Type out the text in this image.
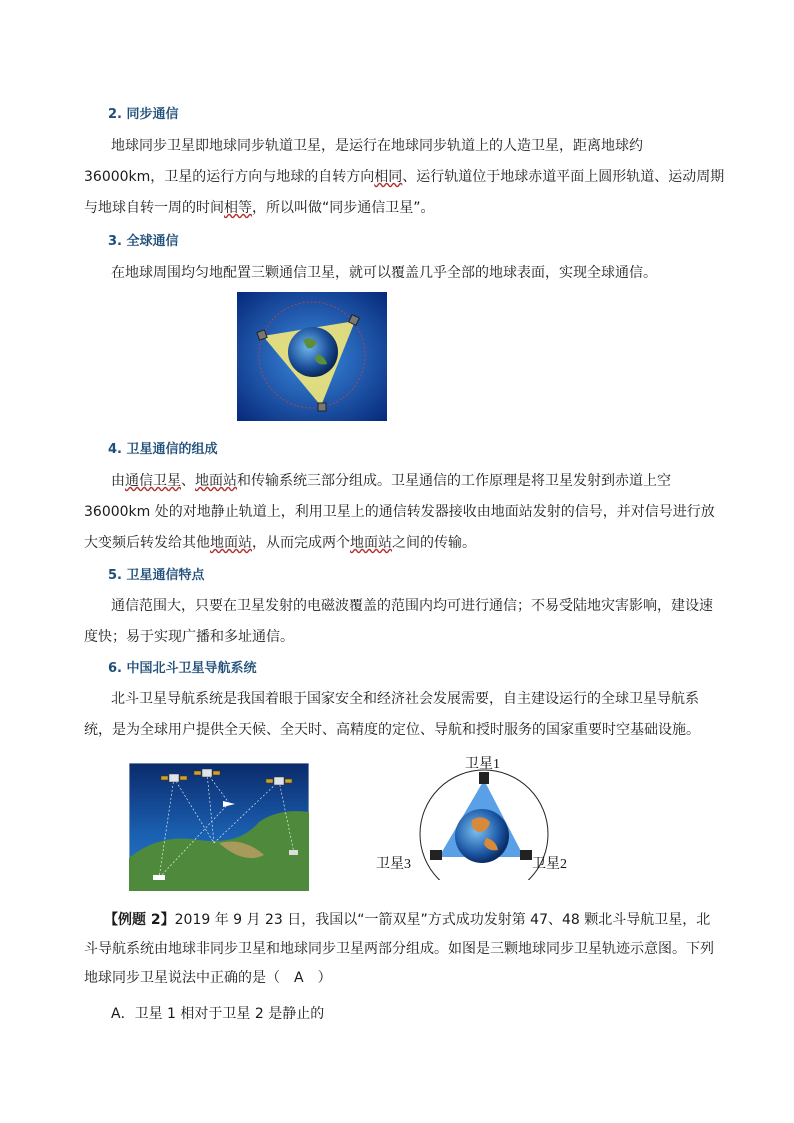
2. 同步通信
地球同步卫星即地球同步轨道卫星，是运行在地球同步轨道上的人造卫星，距离地球约
36000km，卫星的运行方向与地球的自转方向相同、运行轨道位于地球赤道平面上圆形轨道、运动周期
与地球自转一周的时间相等，所以叫做“同步通信卫星”。
3. 全球通信
在地球周围均匀地配置三颗通信卫星，就可以覆盖几乎全部的地球表面，实现全球通信。
4. 卫星通信的组成
由通信卫星、地面站和传输系统三部分组成。卫星通信的工作原理是将卫星发射到赤道上空
36000km 处的对地静止轨道上，利用卫星上的通信转发器接收由地面站发射的信号，并对信号进行放
大变频后转发给其他地面站，从而完成两个地面站之间的传输。
5. 卫星通信特点

通信范围大，只要在卫星发射的电磁波覆盖的范围内均可进行通信；不易受陆地灾害影响，建设速度快；易于实现广播和多址通信。

6. 中国北斗卫星导航系统

北斗卫星导航系统是我国着眼于国家安全和经济社会发展需要，自主建设运行的全球卫星导航系统，是为全球用户提供全天候、全天时、高精度的定位、导航和授时服务的国家重要时空基础设施。

卫星1
卫星2
卫星3

【例题 2】2019 年 9 月 23 日，我国以“一箭双星”方式成功发射第 47、48 颗北斗导航卫星，北斗导航系统由地球非同步卫星和地球同步卫星两部分组成。如图是三颗地球同步卫星轨迹示意图。下列地球同步卫星说法中正确的是（　A　）

A．卫星 1 相对于卫星 2 是静止的
